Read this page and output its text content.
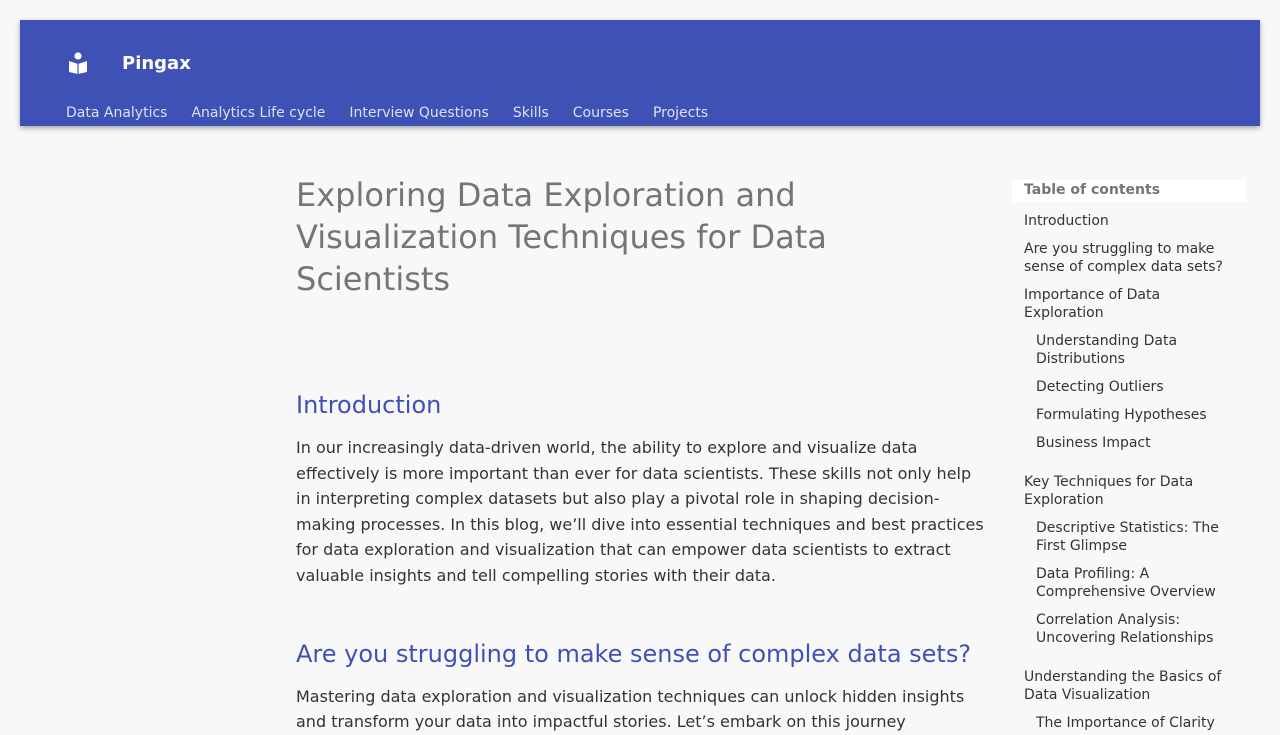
Pingax
Data Analytics Analytics Life cycle Interview Questions Skills Courses Projects
Exploring Data Exploration and Visualization Techniques for Data Scientists
Introduction

In our increasingly data-driven world, the ability to explore and visualize data effectively is more important than ever for data scientists. These skills not only help in interpreting complex datasets but also play a pivotal role in shaping decision-making processes. In this blog, we’ll dive into essential techniques and best practices for data exploration and visualization that can empower data scientists to extract valuable insights and tell compelling stories with their data.

Are you struggling to make sense of complex data sets?

Mastering data exploration and visualization techniques can unlock hidden insights and transform your data into impactful stories. Let’s embark on this journey

Table of contents
Introduction
Are you struggling to make sense of complex data sets?
Importance of Data Exploration
Understanding Data Distributions
Detecting Outliers
Formulating Hypotheses
Business Impact
Key Techniques for Data Exploration
Descriptive Statistics: The First Glimpse
Data Profiling: A Comprehensive Overview
Correlation Analysis: Uncovering Relationships
Understanding the Basics of Data Visualization
The Importance of Clarity
